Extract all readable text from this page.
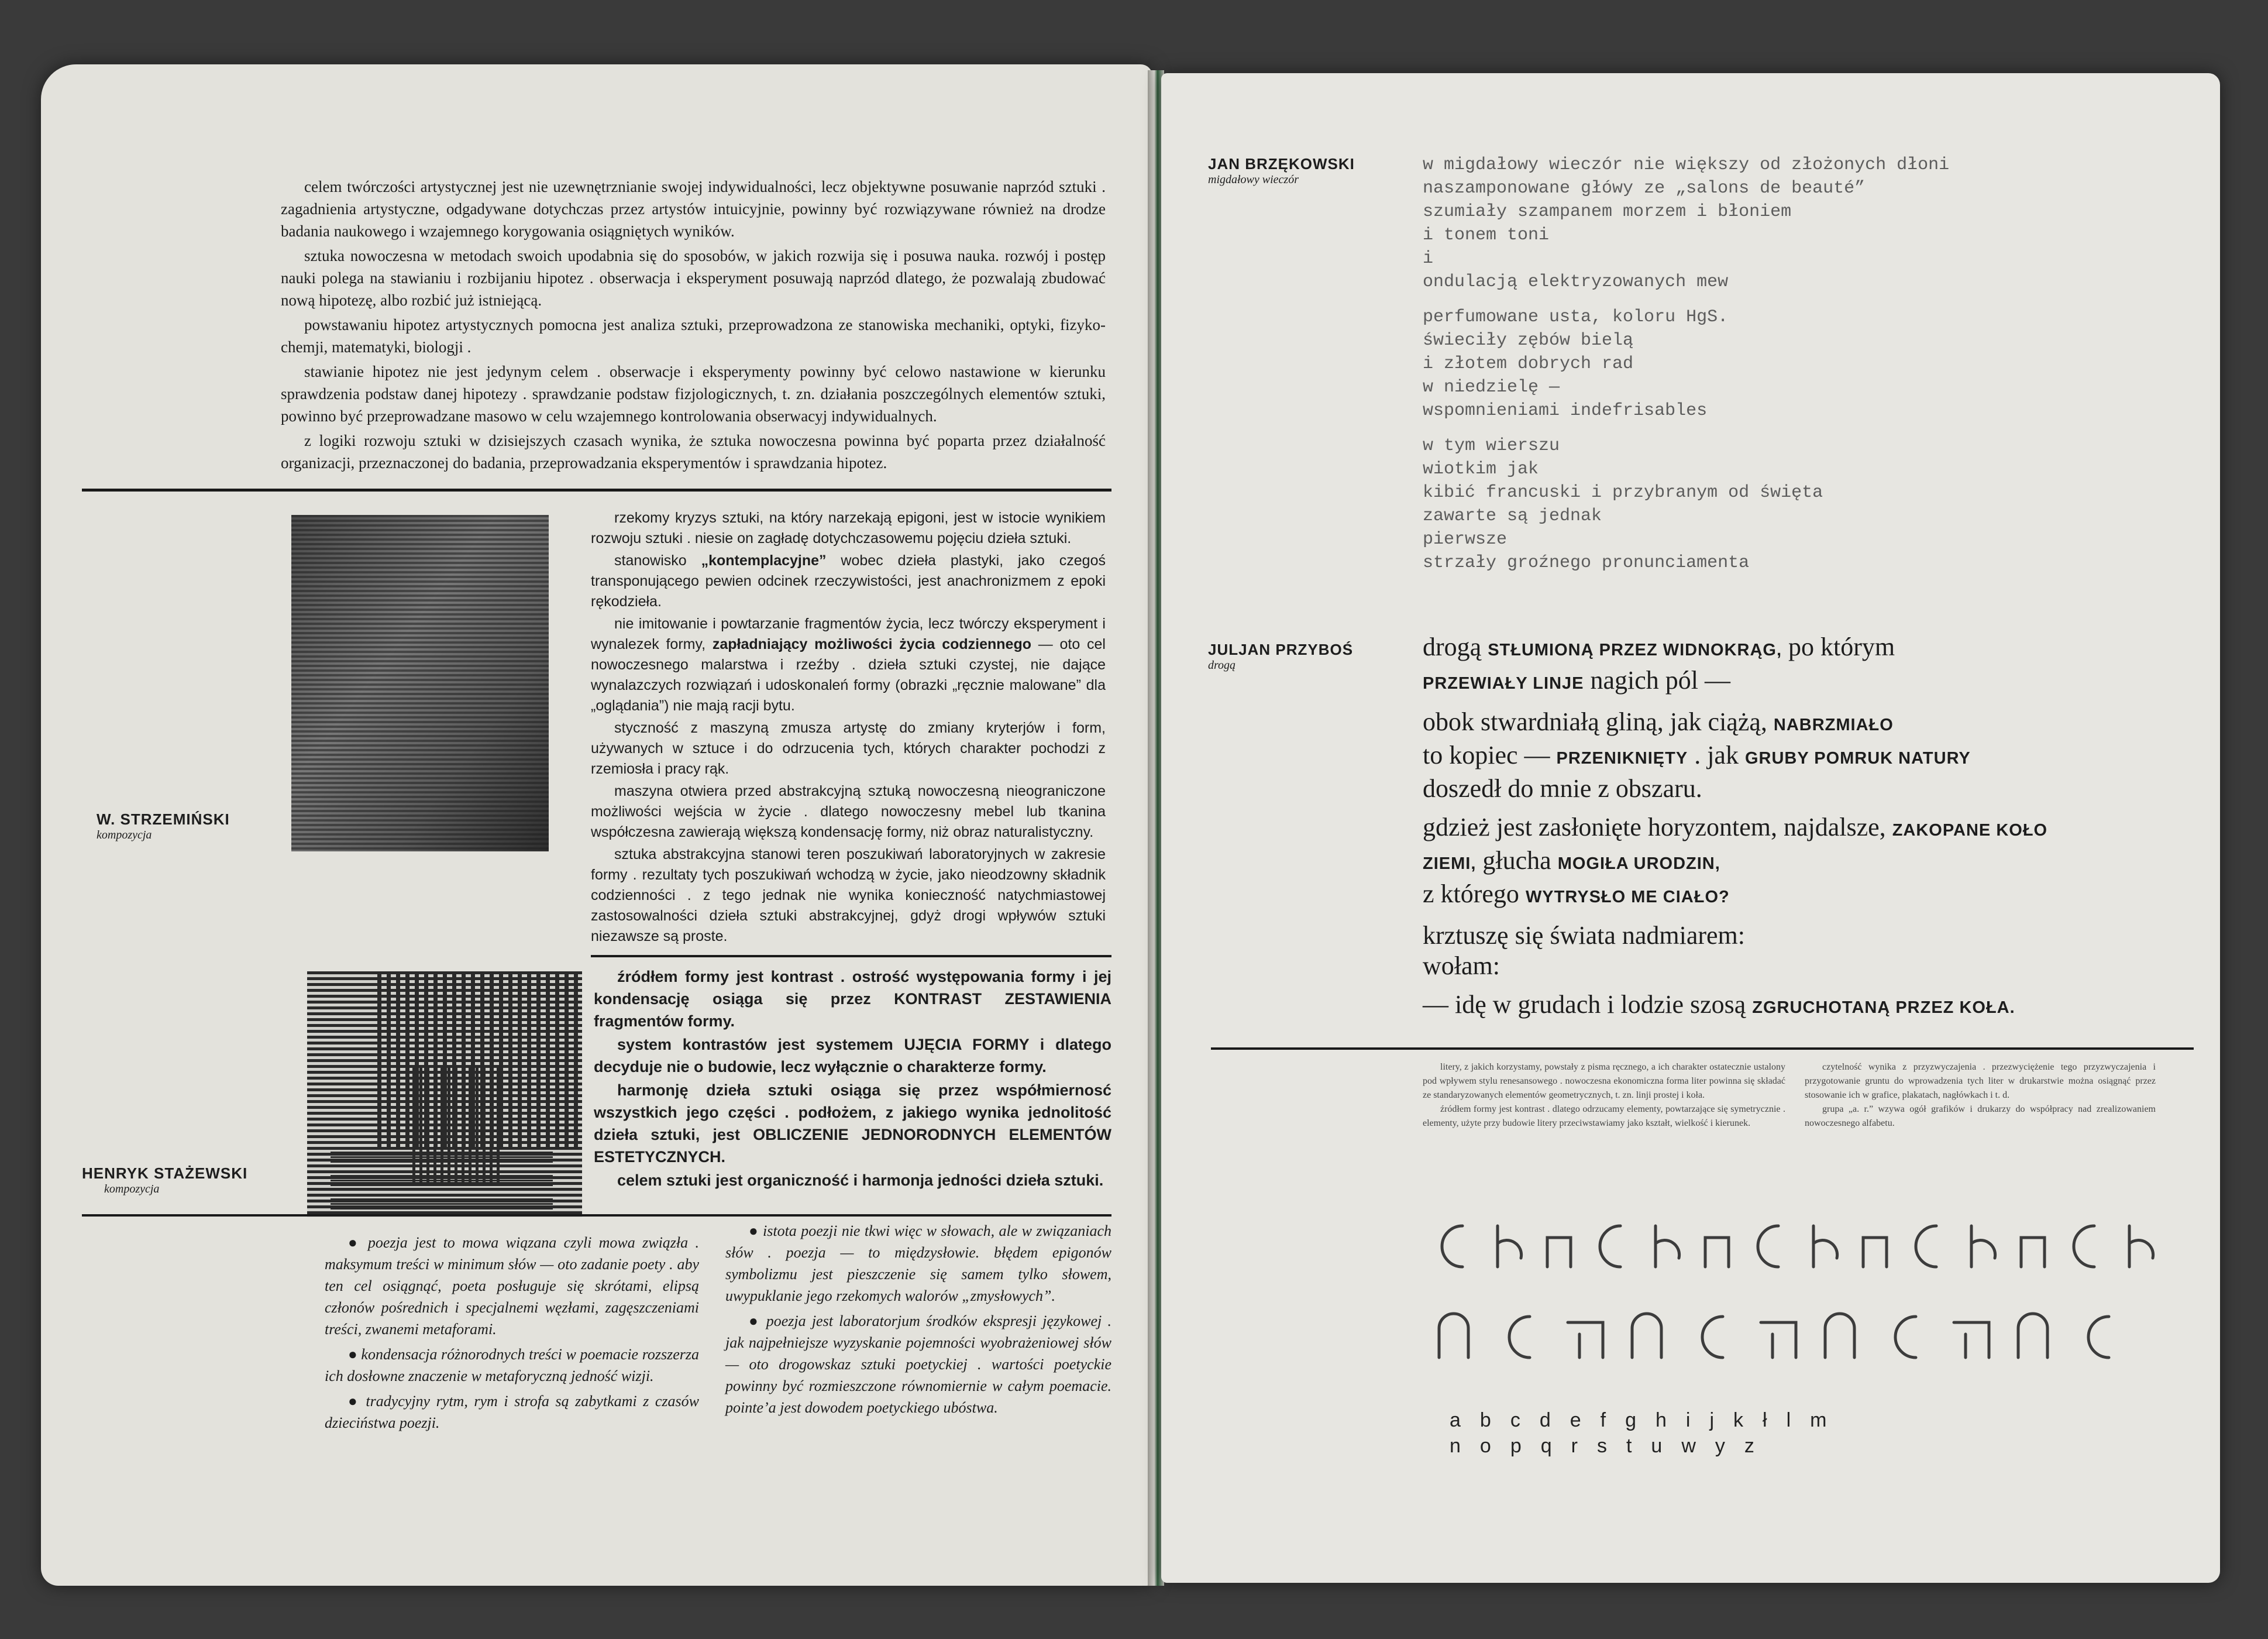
celem twórczości artystycznej jest nie uzewnętrznianie swojej indywidualności, lecz objektywne posuwanie naprzód sztuki . zagadnienia artystyczne, odgadywane dotychczas przez artystów intuicyjnie, powinny być rozwiązywane również na drodze badania naukowego i wzajemnego korygowania osiągniętych wyników.

sztuka nowoczesna w metodach swoich upodabnia się do sposobów, w jakich rozwija się i posuwa nauka. rozwój i postęp nauki polega na stawianiu i rozbijaniu hipotez . obserwacja i eksperyment posuwają naprzód dlatego, że pozwalają zbudować nową hipotezę, albo rozbić już istniejącą.

powstawaniu hipotez artystycznych pomocna jest analiza sztuki, przeprowadzona ze stanowiska mechaniki, optyki, fizyko-chemji, matematyki, biologji .

stawianie hipotez nie jest jedynym celem . obserwacje i eksperymenty powinny być celowo nastawione w kierunku sprawdzenia podstaw danej hipotezy . sprawdzanie podstaw fizjologicznych, t. zn. działania poszczególnych elementów sztuki, powinno być przeprowadzane masowo w celu wzajemnego kontrolowania obserwacyj indywidualnych.

z logiki rozwoju sztuki w dzisiejszych czasach wynika, że sztuka nowoczesna powinna być poparta przez działalność organizacji, przeznaczonej do badania, przeprowadzania eksperymentów i sprawdzania hipotez.

W. STRZEMIŃSKI

kompozycja

rzekomy kryzys sztuki, na który narzekają epigoni, jest w istocie wynikiem rozwoju sztuki . niesie on zagładę dotychczasowemu pojęciu dzieła sztuki.

stanowisko „kontemplacyjne” wobec dzieła plastyki, jako czegoś transponującego pewien odcinek rzeczywistości, jest anachronizmem z epoki rękodzieła.

nie imitowanie i powtarzanie fragmentów życia, lecz twórczy eksperyment i wynalezek formy, zapładniający możliwości życia codziennego — oto cel nowoczesnego malarstwa i rzeźby . dzieła sztuki czystej, nie dające wynalazczych rozwiązań i udoskonaleń formy (obrazki „ręcznie malowane” dla „oglądania”) nie mają racji bytu.

styczność z maszyną zmusza artystę do zmiany kryterjów i form, używanych w sztuce i do odrzucenia tych, których charakter pochodzi z rzemiosła i pracy rąk.

maszyna otwiera przed abstrakcyjną sztuką nowoczesną nieograniczone możliwości wejścia w życie . dlatego nowoczesny mebel lub tkanina współczesna zawierają większą kondensację formy, niż obraz naturalistyczny.

sztuka abstrakcyjna stanowi teren poszukiwań laboratoryjnych w zakresie formy . rezultaty tych poszukiwań wchodzą w życie, jako nieodzowny składnik codzienności . z tego jednak nie wynika konieczność natychmiastowej zastosowalności dzieła sztuki abstrakcyjnej, gdyż drogi wpływów sztuki niezawsze są proste.

HENRYK STAŻEWSKI

kompozycja

źródłem formy jest kontrast . ostrość występowania formy i jej kondensację osiąga się przez KONTRAST ZESTAWIENIA fragmentów formy.

system kontrastów jest systemem UJĘCIA FORMY i dlatego decyduje nie o budowie, lecz wyłącznie o charakterze formy.

harmonję dzieła sztuki osiąga się przez współmiernosć wszystkich jego części . podłożem, z jakiego wynika jednolitość dzieła sztuki, jest OBLICZENIE JEDNORODNYCH ELEMENTÓW ESTETYCZNYCH.

celem sztuki jest organiczność i harmonja jedności dzieła sztuki.

● poezja jest to mowa wiązana czyli mowa związła . maksymum treści w minimum słów — oto zadanie poety . aby ten cel osiągnąć, poeta posługuje się skrótami, elipsą członów pośrednich i specjalnemi węzłami, zagęszczeniami treści, zwanemi metaforami.

● kondensacja różnorodnych treści w poemacie rozszerza ich dosłowne znaczenie w metaforyczną jedność wizji.

● tradycyjny rytm, rym i strofa są zabytkami z czasów dzieciństwa poezji.

● istota poezji nie tkwi więc w słowach, ale w związaniach słów . poezja — to międzysłowie. błędem epigonów symbolizmu jest pieszczenie się samem tylko słowem, uwypuklanie jego rzekomych walorów „zmysłowych”.

● poezja jest laboratorjum środków ekspresji językowej . jak najpełniejsze wyzyskanie pojemności wyobrażeniowej słów — oto drogowskaz sztuki poetyckiej . wartości poetyckie powinny być rozmieszczone równomiernie w całym poemacie. pointe’a jest dowodem poetyckiego ubóstwa.

JAN BRZĘKOWSKI

migdałowy wieczór

w migdałowy wieczór nie większy od złożonych dłoni
naszamponowane główy ze „salons de beauté”
szumiały szampanem morzem i błoniem
i tonem toni
i
ondulacją elektryzowanych mew
perfumowane usta, koloru HgS.
świeciły zębów bielą
i złotem dobrych rad
w niedzielę —
wspomnieniami indefrisables
w tym wierszu
wiotkim jak
kibić francuski i przybranym od święta
zawarte są jednak
pierwsze
strzały groźnego pronunciamenta

JULJAN PRZYBOŚ

drogą

drogą STŁUMIONĄ PRZEZ WIDNOKRĄG, po którym
PRZEWIAŁY LINJE nagich pól —

obok stwardniałą gliną, jak ciążą, NABRZMIAŁO
to kopiec — PRZENIKNIĘTY . jak GRUBY POMRUK NATURY
doszedł do mnie z obszaru.

gdzież jest zasłonięte horyzontem, najdalsze, ZAKOPANE KOŁO
ZIEMI, głucha MOGIŁA URODZIN,
z którego WYTRYSŁO ME CIAŁO?

krztuszę się świata nadmiarem:
wołam:

— idę w grudach i lodzie szosą ZGRUCHOTANĄ PRZEZ KOŁA.

litery, z jakich korzystamy, powstały z pisma ręcznego, a ich charakter ostatecznie ustalony pod wpływem stylu renesansowego . nowoczesna ekonomiczna forma liter powinna się składać ze standaryzowanych elementów geometrycznych, t. zn. linji prostej i koła.

źródłem formy jest kontrast . dlatego odrzucamy elementy, powtarzające się symetrycznie . elementy, użyte przy budowie litery przeciwstawiamy jako kształt, wielkość i kierunek.

czytelność wynika z przyzwyczajenia . przezwyciężenie tego przyzwyczajenia i przygotowanie gruntu do wprowadzenia tych liter w drukarstwie można osiągnąć przez stosowanie ich w grafice, plakatach, nagłówkach i t. d.

grupa „a. r.” wzywa ogół grafików i drukarzy do współpracy nad zrealizowaniem nowoczesnego alfabetu.

abcdefghijkłlm
nopqrstuwyz
